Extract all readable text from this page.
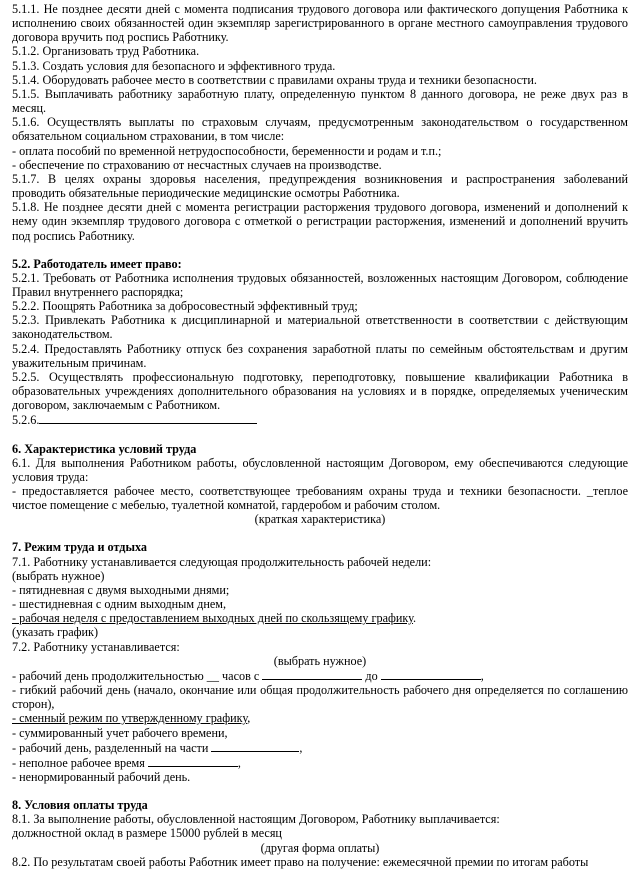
5.1.1. Не позднее десяти дней с момента подписания трудового договора или фактического допущения Работника к исполнению своих обязанностей один экземпляр зарегистрированного в органе местного самоуправления трудового договора вручить под роспись Работнику.

5.1.2. Организовать труд Работника.

5.1.3. Создать условия для безопасного и эффективного труда.

5.1.4. Оборудовать рабочее место в соответствии с правилами охраны труда и техники безопасности.

5.1.5. Выплачивать работнику заработную плату, определенную пунктом 8 данного договора, не реже двух раз в месяц.

5.1.6. Осуществлять выплаты по страховым случаям, предусмотренным законодательством о государственном обязательном социальном страховании, в том числе:

- оплата пособий по временной нетрудоспособности, беременности и родам и т.п.;

- обеспечение по страхованию от несчастных случаев на производстве.

5.1.7. В целях охраны здоровья населения, предупреждения возникновения и распространения заболеваний проводить обязательные периодические медицинские осмотры Работника.

5.1.8. Не позднее десяти дней с момента регистрации расторжения трудового договора, изменений и дополнений к нему один экземпляр трудового договора с отметкой о регистрации расторжения, изменений и дополнений вручить под роспись Работнику.

5.2. Работодатель имеет право:

5.2.1. Требовать от Работника исполнения трудовых обязанностей, возложенных настоящим Договором, соблюдение Правил внутреннего распорядка;

5.2.2. Поощрять Работника за добросовестный эффективный труд;

5.2.3. Привлекать Работника к дисциплинарной и материальной ответственности в соответствии с действующим законодательством.

5.2.4. Предоставлять Работнику отпуск без сохранения заработной платы по семейным обстоятельствам и другим уважительным причинам.

5.2.5. Осуществлять профессиональную подготовку, переподготовку, повышение квалификации Работника в образовательных учреждениях дополнительного образования на условиях и в порядке, определяемых ученическим договором, заключаемым с Работником.

5.2.6.

6. Характеристика условий труда

6.1. Для выполнения Работником работы, обусловленной настоящим Договором, ему обеспечиваются следующие условия труда:

- предоставляется рабочее место, соответствующее требованиям охраны труда и техники безопасности. _теплое чистое помещение с мебелью, туалетной комнатой, гардеробом и рабочим столом.

(краткая характеристика)

7. Режим труда и отдыха

7.1. Работнику устанавливается следующая продолжительность рабочей недели:

(выбрать нужное)

- пятидневная с двумя выходными днями;

- шестидневная с одним выходным днем,

- рабочая неделя с предоставлением выходных дней по скользящему графику.

(указать график)

7.2. Работнику устанавливается:

(выбрать нужное)

- рабочий день продолжительностью __ часов с	до	,

- гибкий рабочий день (начало, окончание или общая продолжительность рабочего дня определяется по соглашению сторон),

- сменный режим по утвержденному графику,

- суммированный учет рабочего времени,

- рабочий день, разделенный на части	,

- неполное рабочее время	,

- ненормированный рабочий день.

8. Условия оплаты труда

8.1. За выполнение работы, обусловленной настоящим Договором, Работнику выплачивается:

должностной оклад в размере 15000 рублей в месяц

(другая форма оплаты)

8.2. По результатам своей работы Работник имеет право на получение: ежемесячной премии по итогам работы
